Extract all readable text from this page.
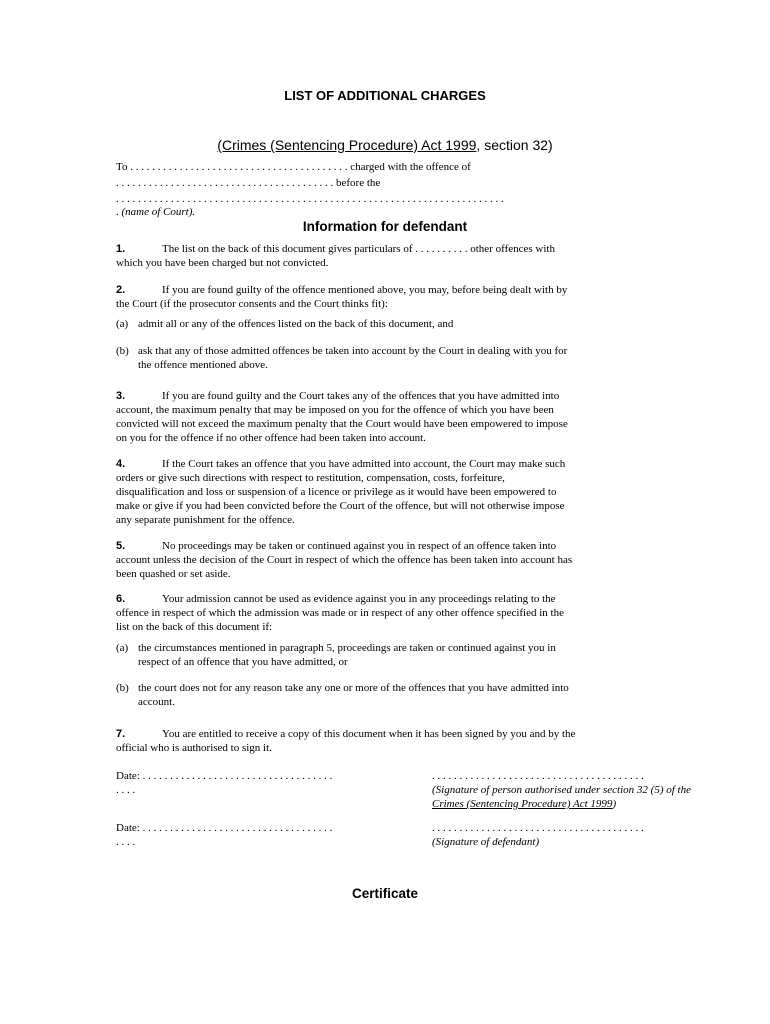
LIST OF ADDITIONAL CHARGES
(Crimes (Sentencing Procedure) Act 1999, section 32)
To . . . . . . . . . . . . . . . . . . . . . . . . . . . . . . . . . . . . . . . . charged with the offence of
. . . . . . . . . . . . . . . . . . . . . . . . . . . . . . . . . . . . . . . . before the
. . . . . . . . . . . . . . . . . . . . . . . . . . . . . . . . . . . . . . . . . . . . . . . . . . . . . . . . . . . . . . . . . . . . . . .
. (name of Court).
Information for defendant
1.	The list on the back of this document gives particulars of . . . . . . . . . . other offences with
which you have been charged but not convicted.
2.	If you are found guilty of the offence mentioned above, you may, before being dealt with by
the Court (if the prosecutor consents and the Court thinks fit):
(a) admit all or any of the offences listed on the back of this document, and
(b) ask that any of those admitted offences be taken into account by the Court in dealing with you for
the offence mentioned above.
3.	If you are found guilty and the Court takes any of the offences that you have admitted into
account, the maximum penalty that may be imposed on you for the offence of which you have been
convicted will not exceed the maximum penalty that the Court would have been empowered to impose
on you for the offence if no other offence had been taken into account.
4.	If the Court takes an offence that you have admitted into account, the Court may make such
orders or give such directions with respect to restitution, compensation, costs, forfeiture,
disqualification and loss or suspension of a licence or privilege as it would have been empowered to
make or give if you had been convicted before the Court of the offence, but will not otherwise impose
any separate punishment for the offence.
5.	No proceedings may be taken or continued against you in respect of an offence taken into
account unless the decision of the Court in respect of which the offence has been taken into account has
been quashed or set aside.
6.	Your admission cannot be used as evidence against you in any proceedings relating to the
offence in respect of which the admission was made or in respect of any other offence specified in the
list on the back of this document if:
(a) the circumstances mentioned in paragraph 5, proceedings are taken or continued against you in
respect of an offence that you have admitted, or
(b) the court does not for any reason take any one or more of the offences that you have admitted into
account.
7.	You are entitled to receive a copy of this document when it has been signed by you and by the
official who is authorised to sign it.
Date: . . . . . . . . . . . . . . . . . . . . . . . . . . . . . . . . . . .
. . . .
. . . . . . . . . . . . . . . . . . . . . . . . . . . . . . . . . . . . . . .
(Signature of person authorised under section 32 (5) of the
Crimes (Sentencing Procedure) Act 1999)
Date: . . . . . . . . . . . . . . . . . . . . . . . . . . . . . . . . . . .
. . . .
. . . . . . . . . . . . . . . . . . . . . . . . . . . . . . . . . . . . . . .
(Signature of defendant)
Certificate
